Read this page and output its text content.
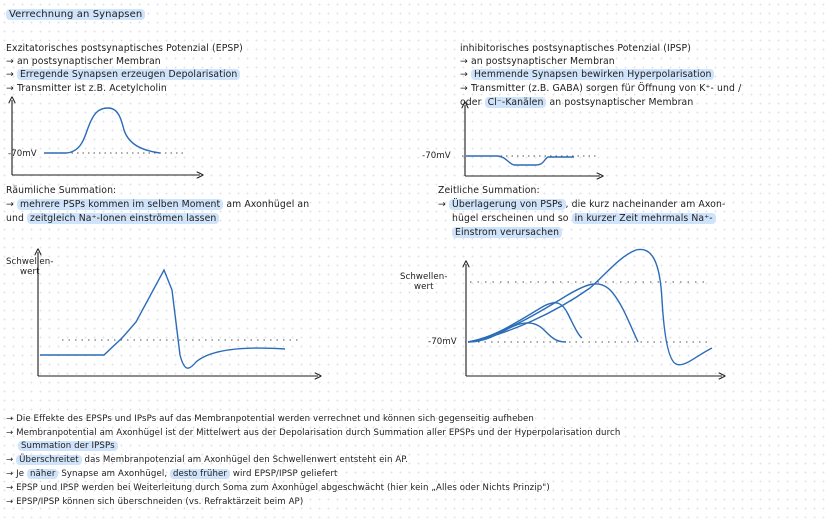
Verrechnung an Synapsen
Exzitatorisches postsynaptisches Potenzial (EPSP)
→ an postsynaptischer Membran
→ Erregende Synapsen erzeugen Depolarisation
→ Transmitter ist z.B. Acetylcholin
inhibitorisches postsynaptisches Potenzial (IPSP)
→ an postsynaptischer Membran
→ Hemmende Synapsen bewirken Hyperpolarisation
→ Transmitter (z.B. GABA) sorgen für Öffnung von K⁺- und /
oder Cl⁻-Kanälen an postsynaptischer Membran
-70mV	-70mV
Schwellen-
wert	Schwellen-
wert
-70mV
Räumliche Summation:
→ mehrere PSPs kommen im selben Moment am Axonhügel an
und zeitgleich Na⁺-Ionen einströmen lassen
Zeitliche Summation:
→ Überlagerung von PSPs , die kurz nacheinander am Axon-
hügel erscheinen und so in kurzer Zeit mehrmals Na⁺-
Einstrom verursachen
→ Die Effekte des EPSPs und IPsPs auf das Membranpotential werden verrechnet und können sich gegenseitig aufheben
→ Membranpotential am Axonhügel ist der Mittelwert aus der Depolarisation durch Summation aller EPSPs und der Hyperpolarisation durch
Summation der IPSPs
→ Überschreitet das Membranpotenzial am Axonhügel den Schwellenwert entsteht ein AP.
→ Je näher Synapse am Axonhügel, desto früher wird EPSP/IPSP geliefert
→ EPSP und IPSP werden bei Weiterleitung durch Soma zum Axonhügel abgeschwächt (hier kein „Alles oder Nichts Prinzip")
→ EPSP/IPSP können sich überschneiden (vs. Refraktärzeit beim AP)
